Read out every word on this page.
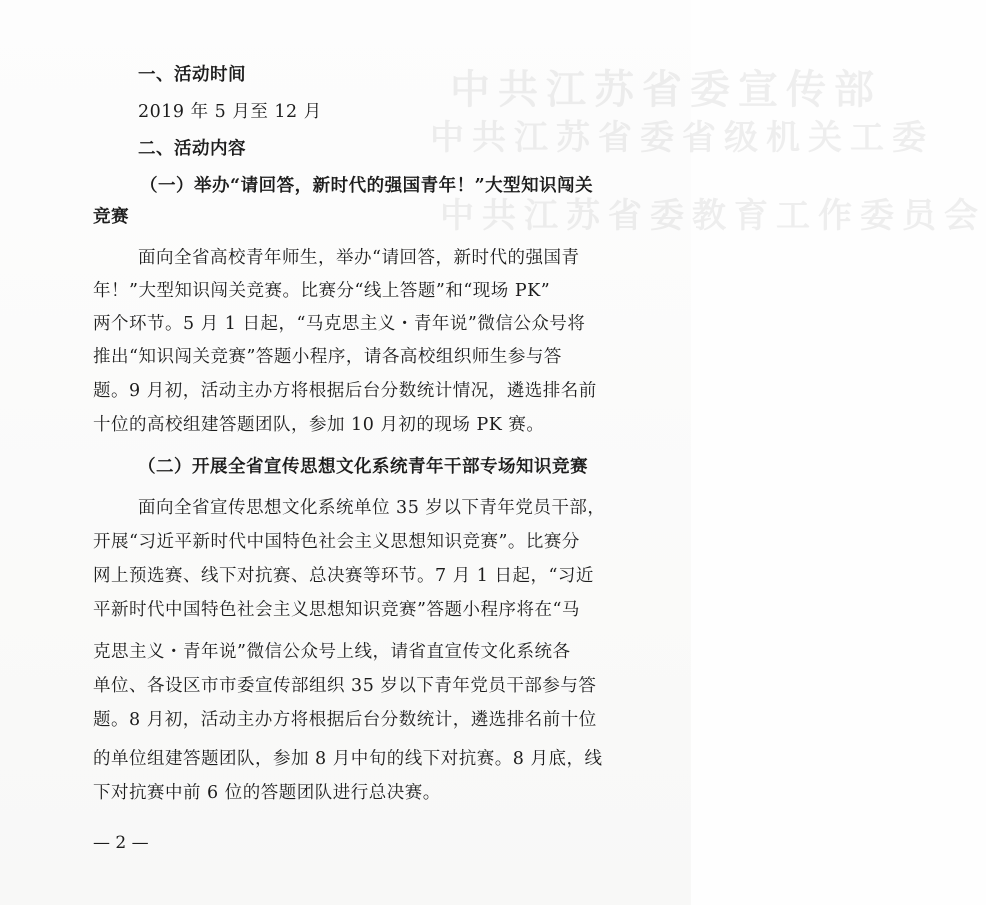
中共江苏省委宣传部
中共江苏省委省级机关工委
中共江苏省委教育工作委员会
一、活动时间
2019 年 5 月至 12 月
二、活动内容
（一）举办“请回答，新时代的强国青年！”大型知识闯关
竞赛
面向全省高校青年师生，举办“请回答，新时代的强国青
年！”大型知识闯关竞赛。比赛分“线上答题”和“现场 PK”
两个环节。5 月 1 日起，“马克思主义・青年说”微信公众号将
推出“知识闯关竞赛”答题小程序，请各高校组织师生参与答
题。9 月初，活动主办方将根据后台分数统计情况，遴选排名前
十位的高校组建答题团队，参加 10 月初的现场 PK 赛。
（二）开展全省宣传思想文化系统青年干部专场知识竞赛
面向全省宣传思想文化系统单位 35 岁以下青年党员干部，
开展“习近平新时代中国特色社会主义思想知识竞赛”。比赛分
网上预选赛、线下对抗赛、总决赛等环节。7 月 1 日起，“习近
平新时代中国特色社会主义思想知识竞赛”答题小程序将在“马
克思主义・青年说”微信公众号上线，请省直宣传文化系统各
单位、各设区市市委宣传部组织 35 岁以下青年党员干部参与答
题。8 月初，活动主办方将根据后台分数统计，遴选排名前十位
的单位组建答题团队，参加 8 月中旬的线下对抗赛。8 月底，线
下对抗赛中前 6 位的答题团队进行总决赛。
— 2 —
